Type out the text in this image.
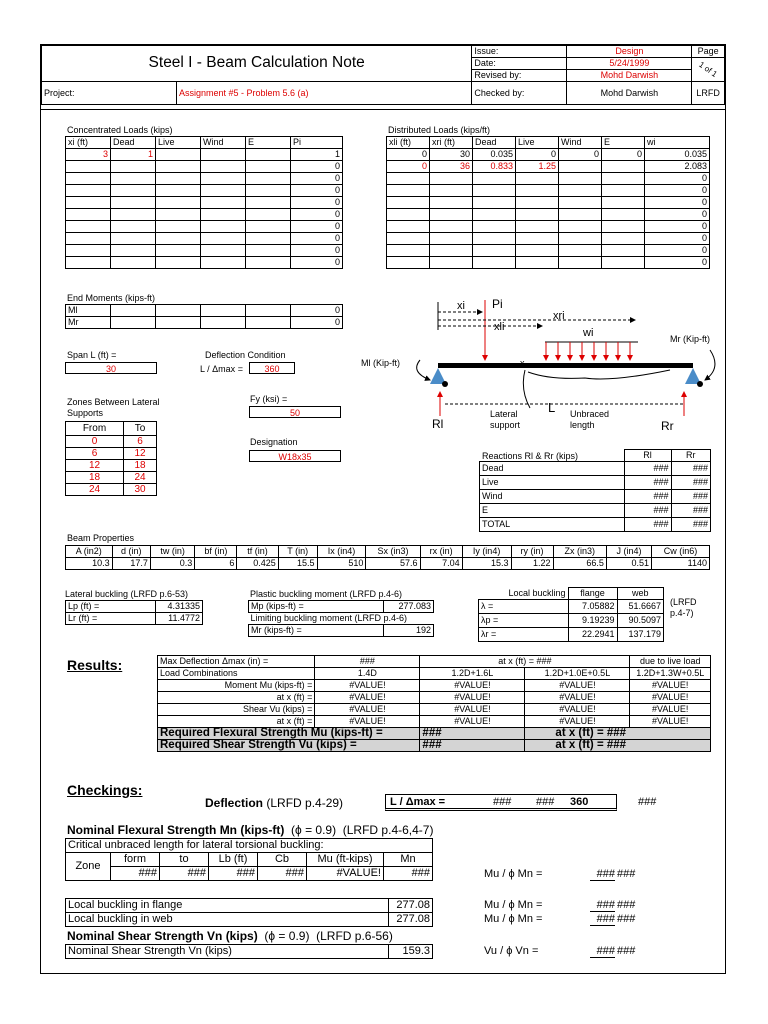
Steel I - Beam Calculation Note		Issue:	Design	Page
		Date:	5/24/1999	1 of 1
		Revised by:	Mohd Darwish	
Project:	Assignment #5 - Problem 5.6 (a)	Checked by:	Mohd Darwish	LRFD
Concentrated Loads (kips)
xi (ft)	Dead	Live	Wind	E	Pi
3	1				1
					0
					0
					0
					0
					0
					0
					0
					0
					0
Distributed Loads (kips/ft)
xli (ft)	xri (ft)	Dead	Live	Wind	E	wi
0	30	0.035	0	0	0	0.035
0	36	0.833	1.25			2.083
						0
						0
						0
						0
						0
						0
						0
						0
End Moments (kips-ft)
Ml					0
Mr					0
Span L (ft) =
30
Deflection Condition
L / Δmax =	360
Fy (ksi) =
50
Designation
W18x35
Zones Between Lateral Supports
From	To
0	6
6	12
12	18
18	24
24	30
xi Pi
xli
xri
wi
Ml (Kip-ft)
Mr (Kip-ft)
x
L
Rl	Rr
Lateral support
Unbraced length
Reactions Rl & Rr (kips)
		Rl	Rr
Dead	###	###
Live	###	###
Wind	###	###
E	###	###
TOTAL	###	###
Beam Properties
A (in2)	d (in)	tw (in)	bf (in)	tf (in)	T (in)	Ix (in4)	Sx (in3)	rx (in)	Iy (in4)	ry (in)	Zx (in3)	J (in4)	Cw (in6)
10.3	17.7	0.3	6	0.425	15.5	510	57.6	7.04	15.3	1.22	66.5	0.51	1140
Lateral buckling (LRFD p.6-53)
Lp (ft) =	4.31335
Lr (ft) =	11.4772
Plastic buckling moment (LRFD p.4-6)
Mp (kips-ft) =	277.083
Limiting buckling moment (LRFD p.4-6)	
Mr (kips-ft) =	192
Local buckling	flange	web
λ =	7.05882	51.6667
λp =	9.19239	90.5097
λr =	22.2941	137.179
(LRFD p.4-7)
Results:	Max Deflection Δmax (in) =		###	at x (ft) = ###		due to live load
Load Combinations		1.4D	1.2D+1.6L	1.2D+1.0E+0.5L	1.2D+1.3W+0.5L
	Moment Mu (kips-ft) =	#VALUE!	#VALUE!	#VALUE!	#VALUE!
	at x (ft) =	#VALUE!	#VALUE!	#VALUE!	#VALUE!
	Shear Vu (kips) =	#VALUE!	#VALUE!	#VALUE!	#VALUE!
	at x (ft) =	#VALUE!	#VALUE!	#VALUE!	#VALUE!
Required Flexural Strength Mu (kips-ft) =			###	at x (ft) = ###	
Required Shear Strength Vu (kips) =			###	at x (ft) = ###	
Checkings:
Deflection (LRFD p.4-29)	L / Δmax =	### ### 360	###
Nominal Flexural Strength Mn (kips-ft) (ϕ = 0.9) (LRFD p.4-6,4-7)
Critical unbraced length for lateral torsional buckling:						
Zone	form	to	Lb (ft)	Cb	Mu (ft-kips)	Mn
	###	###	###	###	#VALUE!	###	Mu / ϕ Mn =	### ###
Local buckling in flange	277.08
Local buckling in web	277.08
Mu / ϕ Mn =	### ###
Mu / ϕ Mn =	### ###
Nominal Shear Strength Vn (kips) (ϕ = 0.9) (LRFD p.6-56)
Nominal Shear Strength Vn (kips)	159.3	Vu / ϕ Vn =	### ###
